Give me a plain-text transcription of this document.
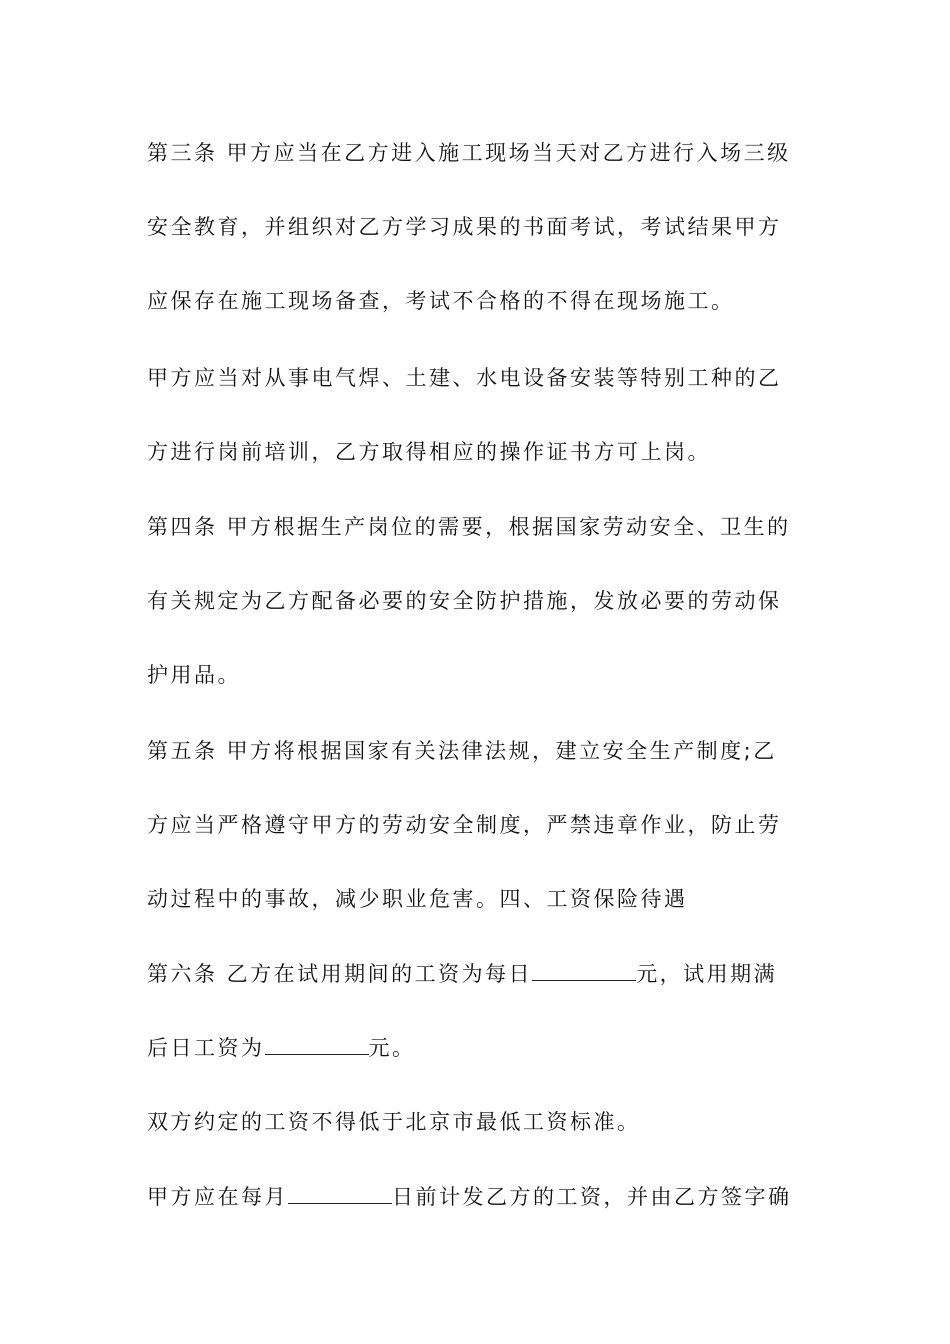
第三条 甲方应当在乙方进入施工现场当天对乙方进行入场三级
安全教育，并组织对乙方学习成果的书面考试，考试结果甲方
应保存在施工现场备查，考试不合格的不得在现场施工。
甲方应当对从事电气焊、土建、水电设备安装等特别工种的乙
方进行岗前培训，乙方取得相应的操作证书方可上岗。
第四条 甲方根据生产岗位的需要，根据国家劳动安全、卫生的
有关规定为乙方配备必要的安全防护措施，发放必要的劳动保
护用品。
第五条 甲方将根据国家有关法律法规，建立安全生产制度;乙
方应当严格遵守甲方的劳动安全制度，严禁违章作业，防止劳
动过程中的事故，减少职业危害。四、工资保险待遇
第六条 乙方在试用期间的工资为每日	元，试用期满
后日工资为	元。
双方约定的工资不得低于北京市最低工资标准。
甲方应在每月	日前计发乙方的工资，并由乙方签字确
